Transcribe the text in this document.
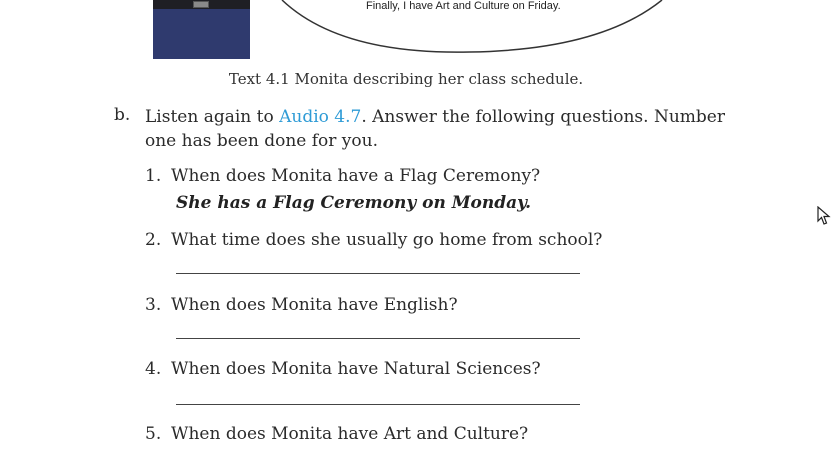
Finally, I have Art and Culture on Friday.
Text 4.1 Monita describing her class schedule.
b. Listen again to Audio 4.7. Answer the following questions. Number one has been done for you.
1. When does Monita have a Flag Ceremony?
She has a Flag Ceremony on Monday.
2. What time does she usually go home from school?
3. When does Monita have English?
4. When does Monita have Natural Sciences?
5. When does Monita have Art and Culture?
